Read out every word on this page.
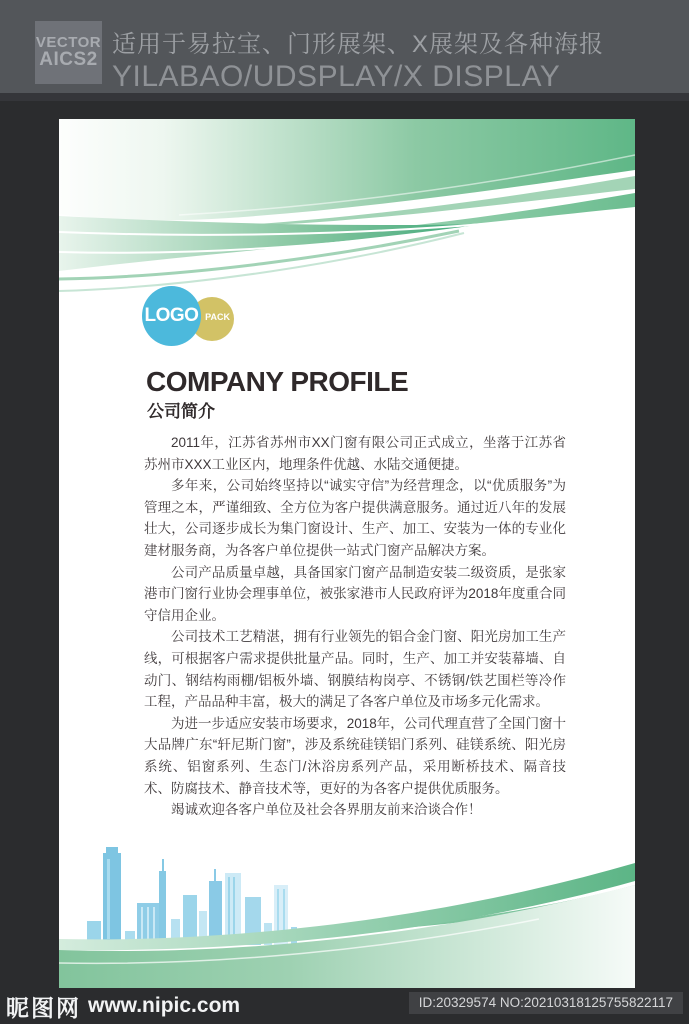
VECTOR
AICS2
适用于易拉宝、门形展架、X展架及各种海报
YILABAO/UDSPLAY/X DISPLAY
PACK
LOGO
COMPANY PROFILE
公司简介

2011年，江苏省苏州市XX门窗有限公司正式成立，坐落于江苏省苏州市XXX工业区内，地理条件优越、水陆交通便捷。

多年来，公司始终坚持以“诚实守信”为经营理念，以“优质服务”为管理之本，严谨细致、全方位为客户提供满意服务。通过近八年的发展壮大，公司逐步成长为集门窗设计、生产、加工、安装为一体的专业化建材服务商，为各客户单位提供一站式门窗产品解决方案。

公司产品质量卓越，具备国家门窗产品制造安装二级资质，是张家港市门窗行业协会理事单位，被张家港市人民政府评为2018年度重合同守信用企业。

公司技术工艺精湛，拥有行业领先的铝合金门窗、阳光房加工生产线，可根据客户需求提供批量产品。同时，生产、加工并安装幕墙、自动门、钢结构雨棚/铝板外墙、钢膜结构岗亭、不锈钢/铁艺围栏等冷作工程，产品品种丰富，极大的满足了各客户单位及市场多元化需求。

为进一步适应安装市场要求，2018年，公司代理直营了全国门窗十大品牌广东“轩尼斯门窗”，涉及系统硅镁铝门系列、硅镁系统、阳光房系统、铝窗系列、生态门/沐浴房系列产品，采用断桥技术、隔音技术、防腐技术、静音技术等，更好的为各客户提供优质服务。

竭诚欢迎各客户单位及社会各界朋友前来洽谈合作！

昵图网 www.nipic.com	ID:20329574 NO:20210318125755822117
